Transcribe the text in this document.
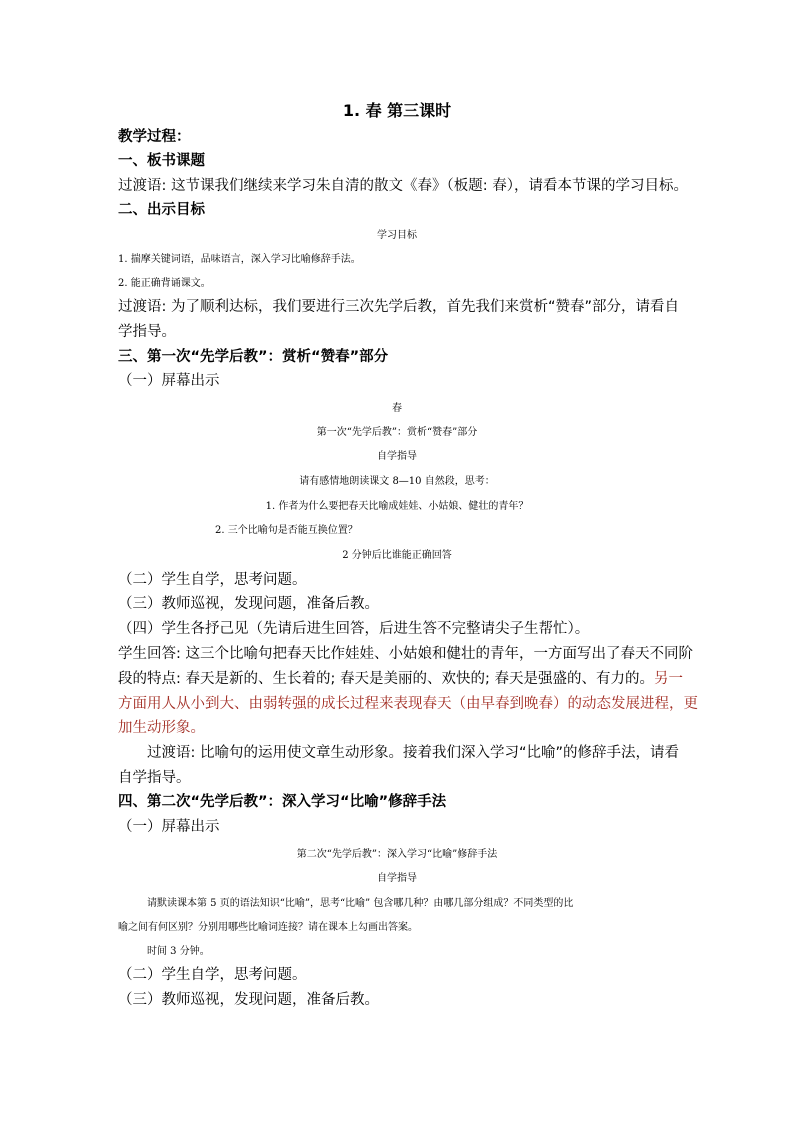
1. 春 第三课时
教学过程：
一、板书课题
过渡语: 这节课我们继续来学习朱自清的散文《春》（板题: 春），请看本节课的学习目标。
二、出示目标
学习目标
1. 揣摩关键词语，品味语言，深入学习比喻修辞手法。
2. 能正确背诵课文。
过渡语: 为了顺利达标，我们要进行三次先学后教，首先我们来赏析“赞春”部分，请看自
学指导。
三、第一次“先学后教”：赏析“赞春”部分
（一）屏幕出示
春
第一次“先学后教”：赏析“赞春”部分
自学指导
请有感情地朗读课文 8—10 自然段，思考：
1. 作者为什么要把春天比喻成娃娃、小姑娘、健壮的青年？
2. 三个比喻句是否能互换位置？
2 分钟后比谁能正确回答
（二）学生自学，思考问题。
（三）教师巡视，发现问题，准备后教。
（四）学生各抒己见（先请后进生回答，后进生答不完整请尖子生帮忙）。
学生回答: 这三个比喻句把春天比作娃娃、小姑娘和健壮的青年，一方面写出了春天不同阶
段的特点: 春天是新的、生长着的; 春天是美丽的、欢快的; 春天是强盛的、有力的。另一
方面用人从小到大、由弱转强的成长过程来表现春天（由早春到晚春）的动态发展进程，更
加生动形象。
过渡语: 比喻句的运用使文章生动形象。接着我们深入学习“比喻”的修辞手法，请看
自学指导。
四、第二次“先学后教”：深入学习“比喻”修辞手法
（一）屏幕出示
第二次“先学后教”：深入学习“比喻”修辞手法
自学指导
请默读课本第 5 页的语法知识“比喻”，思考“比喻” 包含哪几种？由哪几部分组成？不同类型的比
喻之间有何区别？分别用哪些比喻词连接？请在课本上勾画出答案。
时间 3 分钟。
（二）学生自学，思考问题。
（三）教师巡视，发现问题，准备后教。
